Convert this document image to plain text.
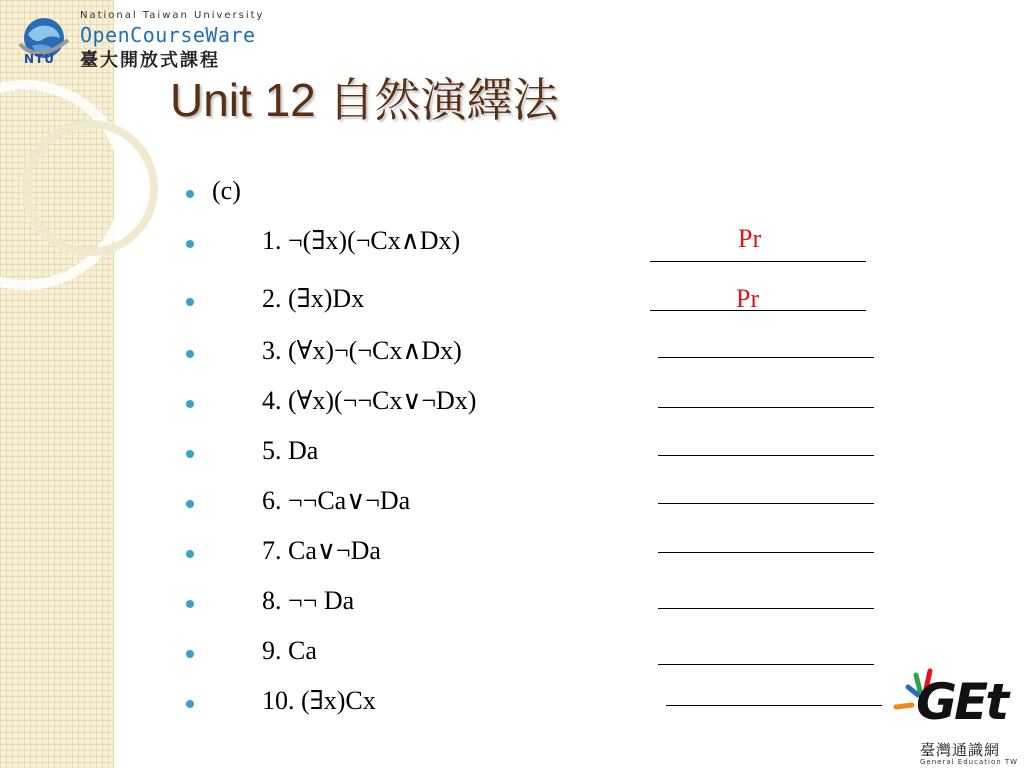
NTU
National Taiwan University
OpenCourseWare
臺大開放式課程
Unit 12 自然演繹法
(c)
1. ¬(∃x)(¬Cx∧Dx)
2. (∃x)Dx
3. (∀x)¬(¬Cx∧Dx)
4. (∀x)(¬¬Cx∨¬Dx)
5. Da
6. ¬¬Ca∨¬Da
7. Ca∨¬Da
8. ¬¬ Da
9. Ca
10. (∃x)Cx
Pr
Pr
GEt
臺灣通識網
General Education TW
